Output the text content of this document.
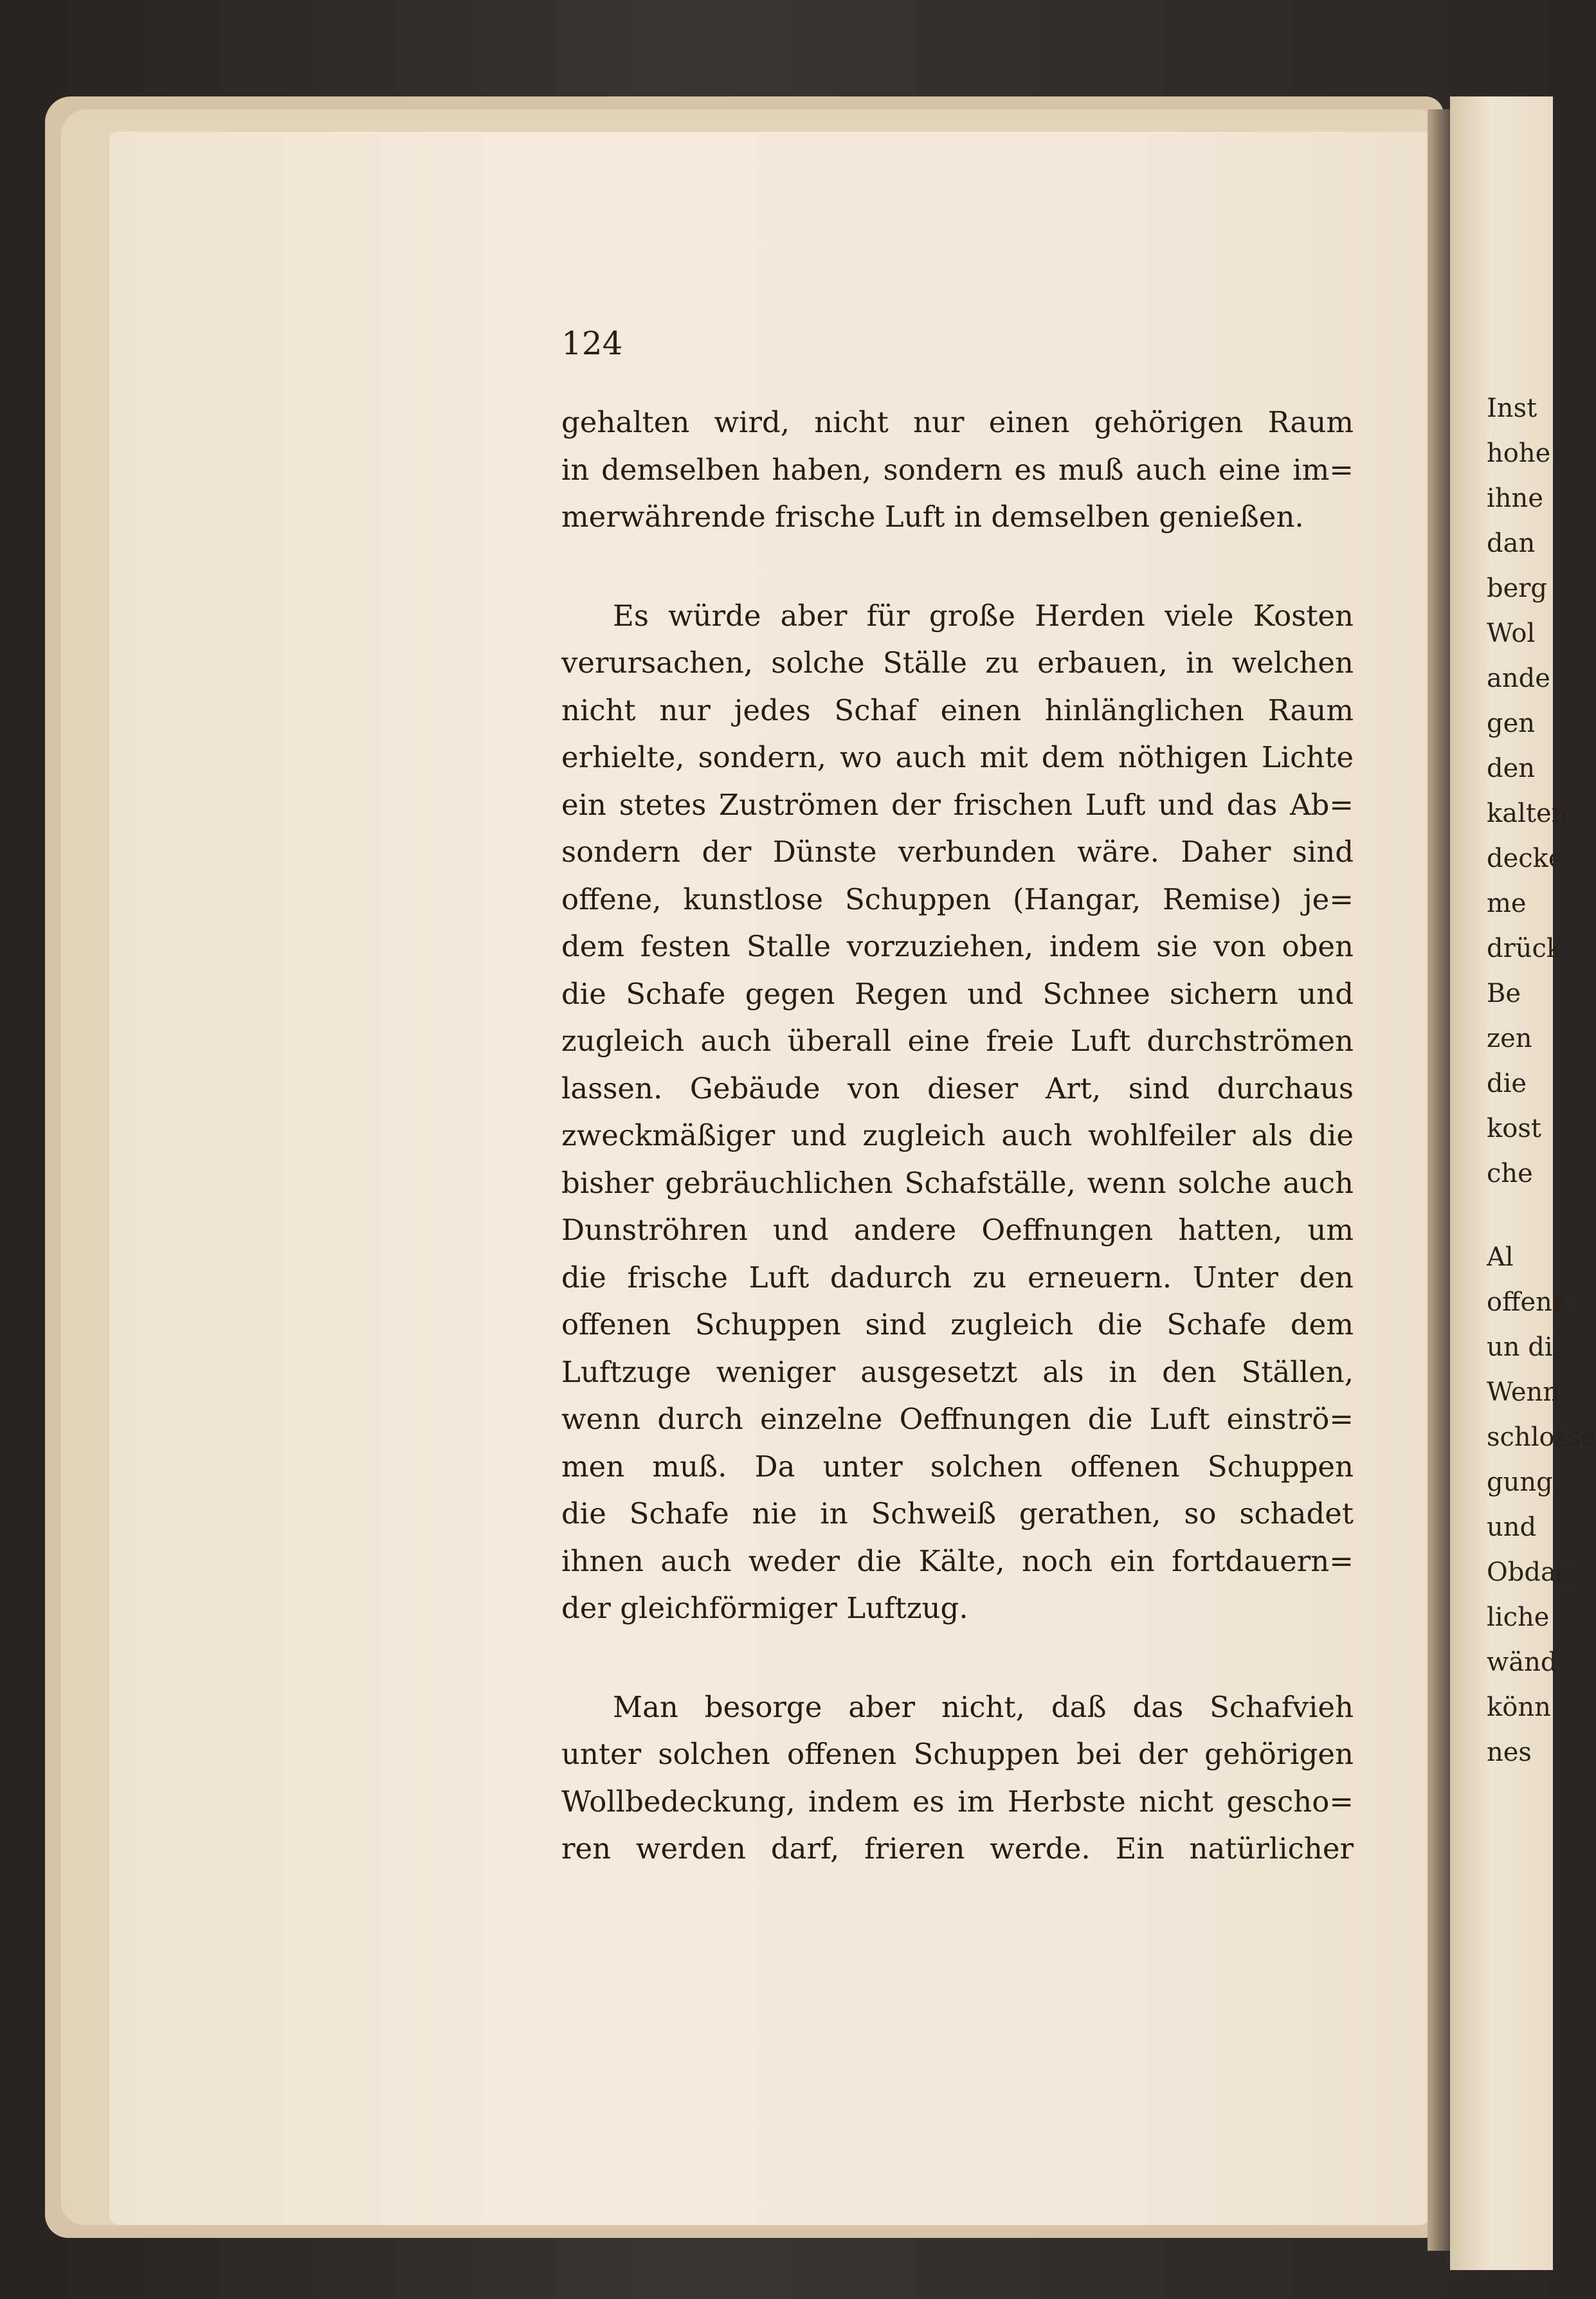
Inst
hohe
ihne
dan
berg
Wol
ande
gen
den
kalten
decke
me
drück
Be
zen
die
kost
che
Al
offene
un di
Wenn
schlosse
gung
und
Obdac
liche
wänd
könn
nes
124
gehalten wird, nicht nur einen gehörigen Raum
in demselben haben, sondern es muß auch eine im=
merwährende frische Luft in demselben genießen.
Es würde aber für große Herden viele Kosten
verursachen, solche Ställe zu erbauen, in welchen
nicht nur jedes Schaf einen hinlänglichen Raum
erhielte, sondern, wo auch mit dem nöthigen Lichte
ein stetes Zuströmen der frischen Luft und das Ab=
sondern der Dünste verbunden wäre. Daher sind
offene, kunstlose Schuppen (Hangar, Remise) je=
dem festen Stalle vorzuziehen, indem sie von oben
die Schafe gegen Regen und Schnee sichern und
zugleich auch überall eine freie Luft durchströmen
lassen. Gebäude von dieser Art, sind durchaus
zweckmäßiger und zugleich auch wohlfeiler als die
bisher gebräuchlichen Schafställe, wenn solche auch
Dunströhren und andere Oeffnungen hatten, um
die frische Luft dadurch zu erneuern. Unter den
offenen Schuppen sind zugleich die Schafe dem
Luftzuge weniger ausgesetzt als in den Ställen,
wenn durch einzelne Oeffnungen die Luft einströ=
men muß. Da unter solchen offenen Schuppen
die Schafe nie in Schweiß gerathen, so schadet
ihnen auch weder die Kälte, noch ein fortdauern=
der gleichförmiger Luftzug.
Man besorge aber nicht, daß das Schafvieh
unter solchen offenen Schuppen bei der gehörigen
Wollbedeckung, indem es im Herbste nicht gescho=
ren werden darf, frieren werde. Ein natürlicher
